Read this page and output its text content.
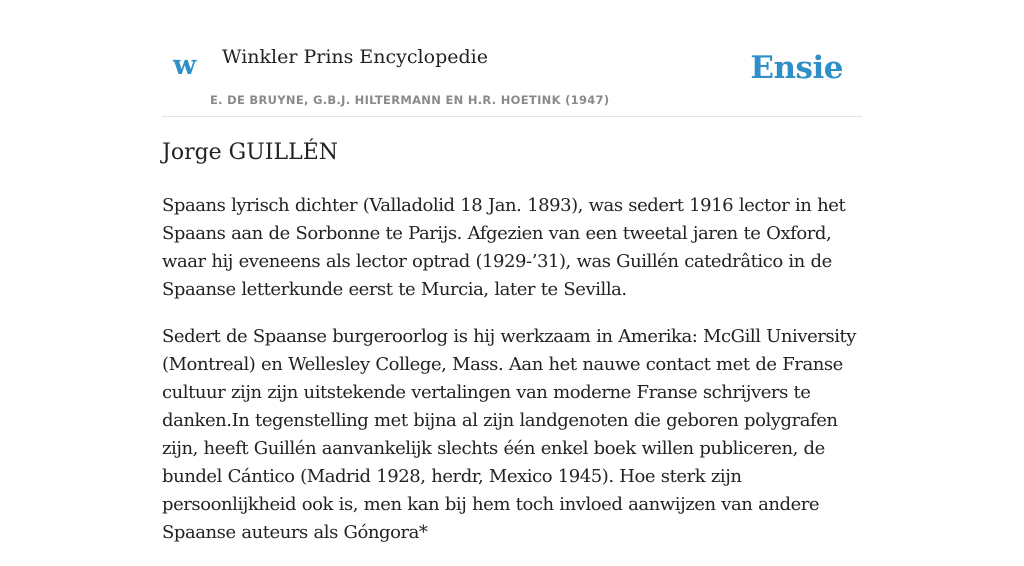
w Winkler Prins Encyclopedie
E. DE BRUYNE, G.B.J. HILTERMANN EN H.R. HOETINK (1947)
Ensie
Jorge GUILLÉN

Spaans lyrisch dichter (Valladolid 18 Jan. 1893), was sedert 1916 lector in het Spaans aan de Sorbonne te Parijs. Afgezien van een tweetal jaren te Oxford, waar hij eveneens als lector optrad (1929-’31), was Guillén catedrâtico in de Spaanse letterkunde eerst te Murcia, later te Sevilla.

Sedert de Spaanse burgeroorlog is hij werkzaam in Amerika: McGill University (Montreal) en Wellesley College, Mass. Aan het nauwe contact met de Franse cultuur zijn zijn uitstekende vertalingen van moderne Franse schrijvers te danken.In tegenstelling met bijna al zijn landgenoten die geboren polygrafen zijn, heeft Guillén aanvankelijk slechts één enkel boek willen publiceren, de bundel Cántico (Madrid 1928, herdr, Mexico 1945). Hoe sterk zijn persoonlijkheid ook is, men kan bij hem toch invloed aanwijzen van andere Spaanse auteurs als Góngora*
